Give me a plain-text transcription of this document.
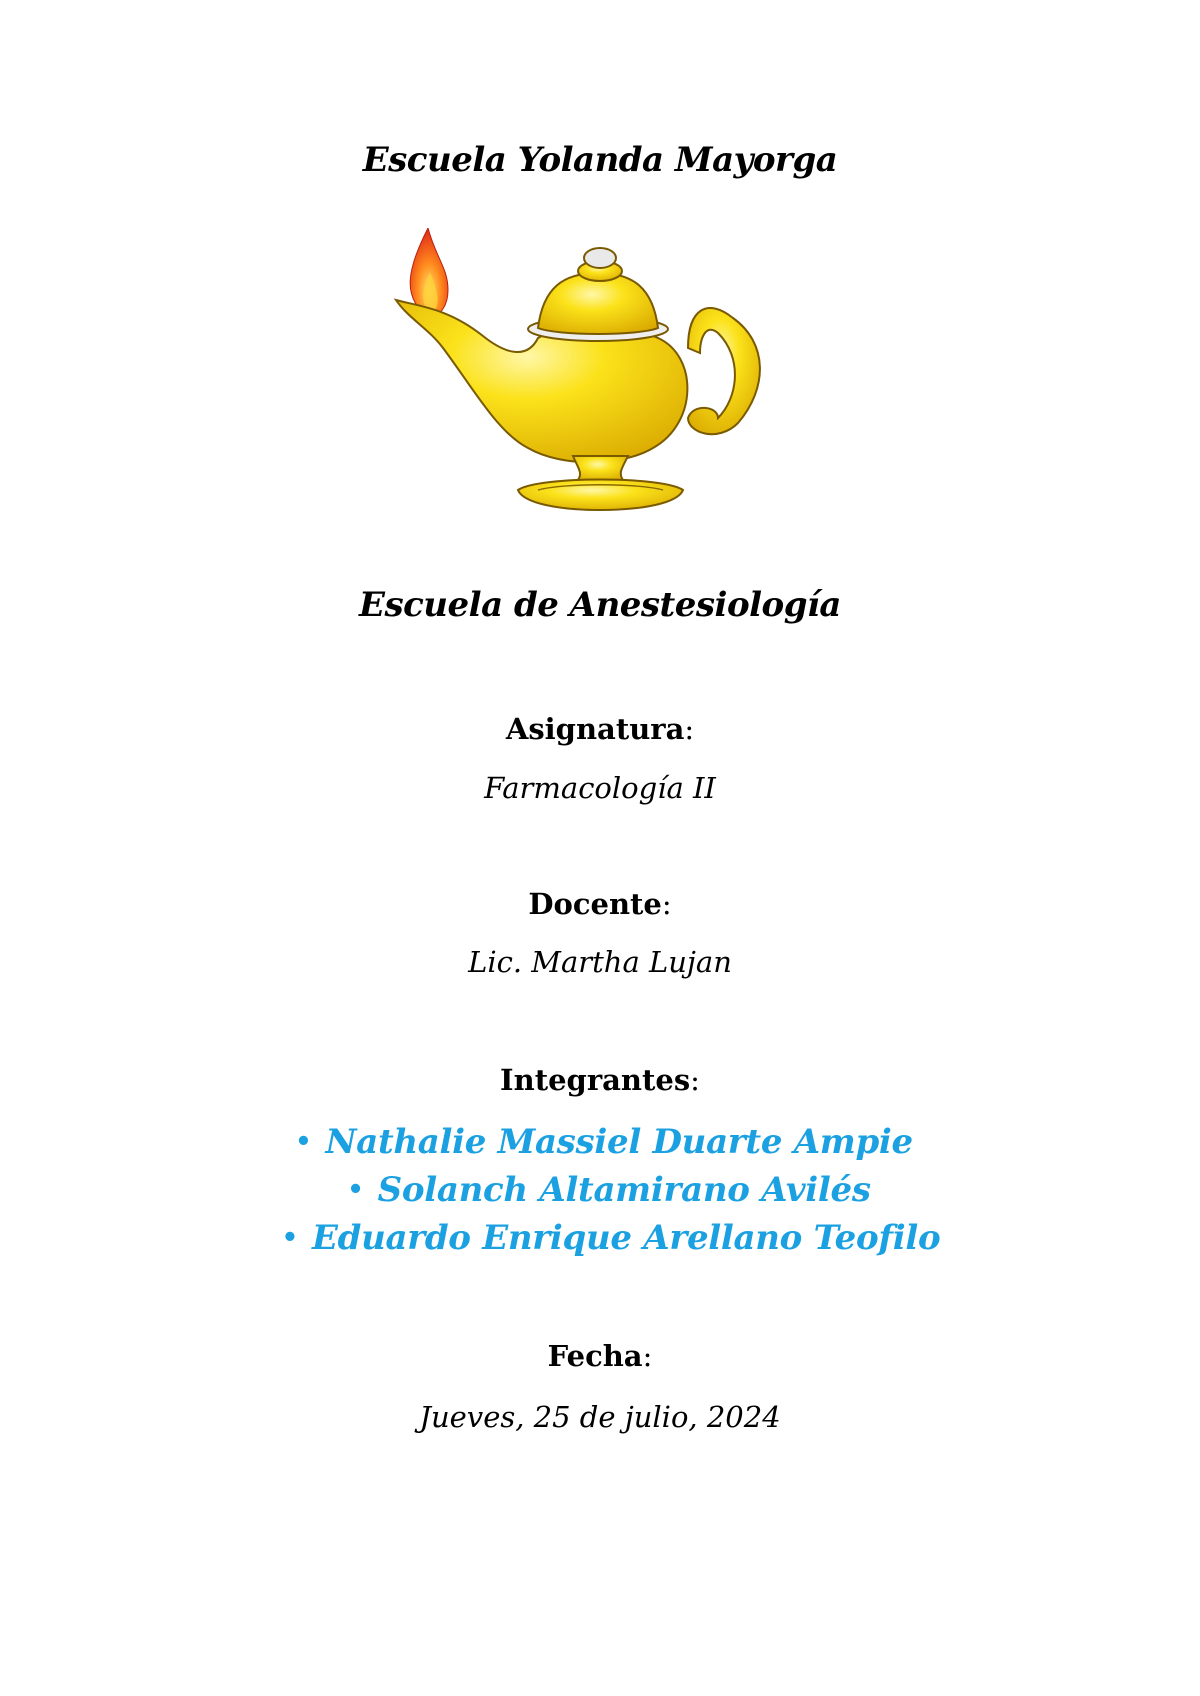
Escuela Yolanda Mayorga
Escuela de Anestesiología
Asignatura:
Farmacología II
Docente:
Lic. Martha Lujan
Integrantes:
• Nathalie Massiel Duarte Ampie
• Solanch Altamirano Avilés
• Eduardo Enrique Arellano Teofilo
Fecha:
Jueves, 25 de julio, 2024
